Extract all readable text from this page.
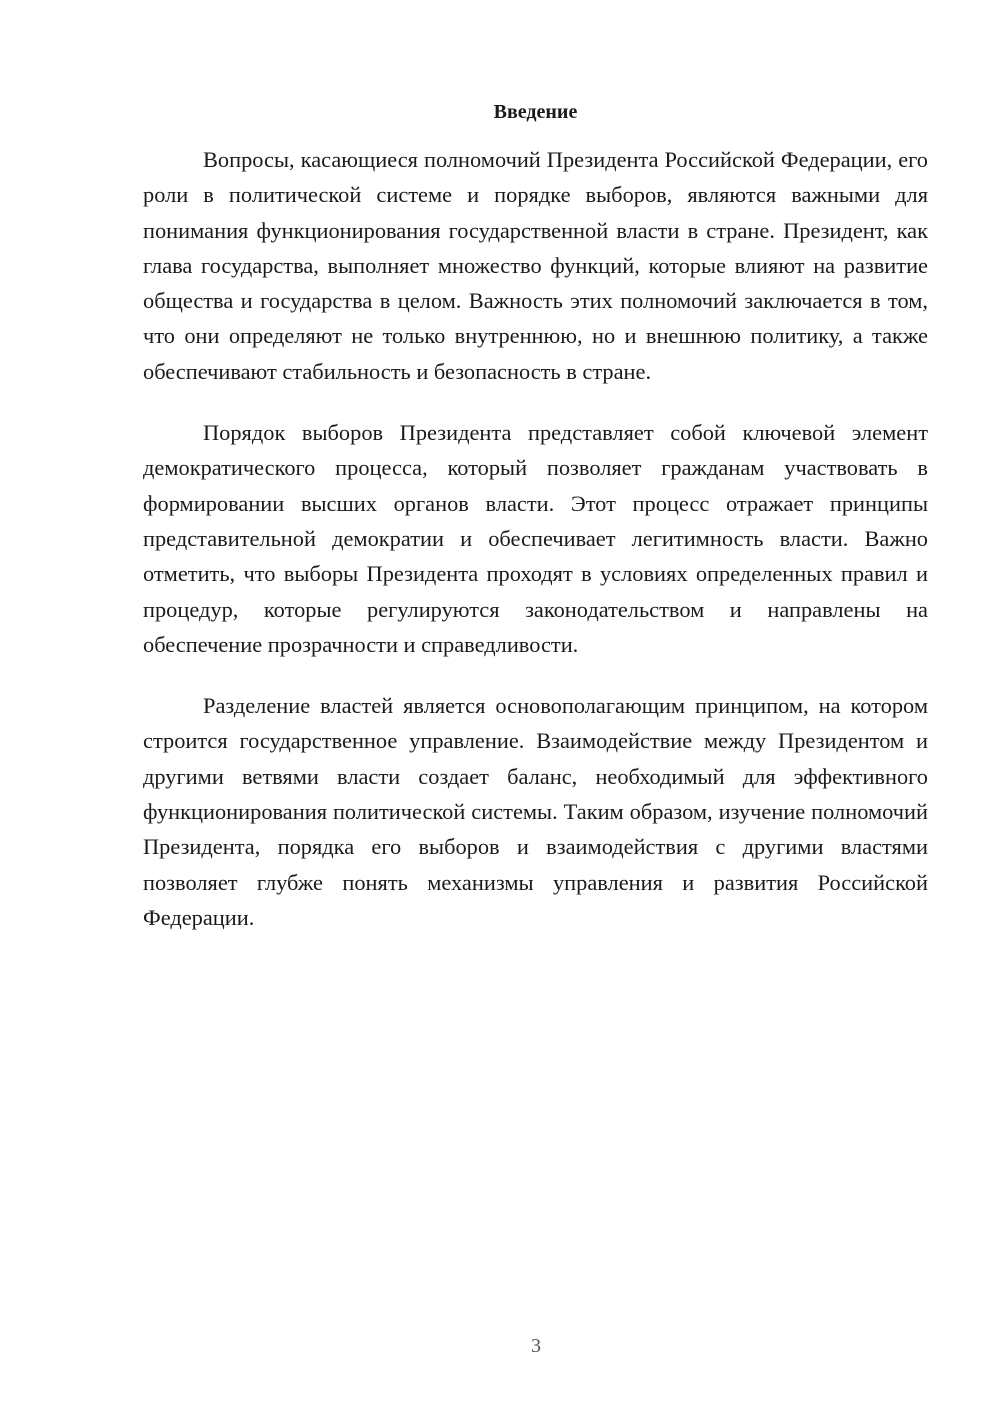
Введение

Вопросы, касающиеся полномочий Президента Российской Федерации, его роли в политической системе и порядке выборов, являются важными для понимания функционирования государственной власти в стране. Президент, как глава государства, выполняет множество функций, которые влияют на развитие общества и государства в целом. Важность этих полномочий заключается в том, что они определяют не только внутреннюю, но и внешнюю политику, а также обеспечивают стабильность и безопасность в стране.

Порядок выборов Президента представляет собой ключевой элемент демократического процесса, который позволяет гражданам участвовать в формировании высших органов власти. Этот процесс отражает принципы представительной демократии и обеспечивает легитимность власти. Важно отметить, что выборы Президента проходят в условиях определенных правил и процедур, которые регулируются законодательством и направлены на обеспечение прозрачности и справедливости.

Разделение властей является основополагающим принципом, на котором строится государственное управление. Взаимодействие между Президентом и другими ветвями власти создает баланс, необходимый для эффективного функционирования политической системы. Таким образом, изучение полномочий Президента, порядка его выборов и взаимодействия с другими властями позволяет глубже понять механизмы управления и развития Российской Федерации.

3
